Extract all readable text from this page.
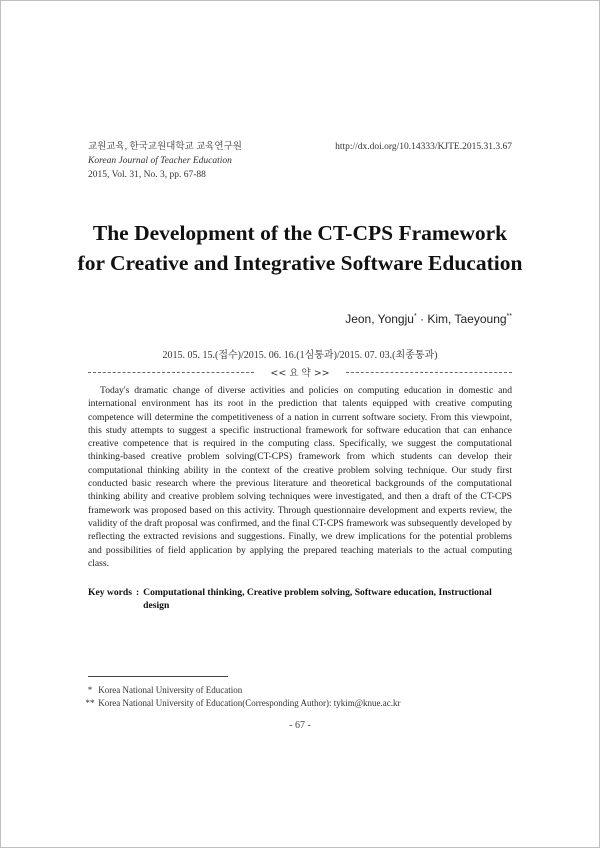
교원교육, 한국교원대학교 교육연구원
Korean Journal of Teacher Education
2015, Vol. 31, No. 3, pp. 67-88
http://dx.doi.org/10.14333/KJTE.2015.31.3.67
The Development of the CT-CPS Framework
for Creative and Integrative Software Education
Jeon, Yongju* · Kim, Taeyoung**
2015. 05. 15.(접수)/2015. 06. 16.(1심통과)/2015. 07. 03.(최종통과)
<< 요 약 >>

Today's dramatic change of diverse activities and policies on computing education in domestic and international environment has its root in the prediction that talents equipped with creative computing competence will determine the competitiveness of a nation in current software society. From this viewpoint, this study attempts to suggest a specific instructional framework for software education that can enhance creative competence that is required in the computing class. Specifically, we suggest the computational thinking-based creative problem solving(CT-CPS) framework from which students can develop their computational thinking ability in the context of the creative problem solving technique. Our study first conducted basic research where the previous literature and theoretical backgrounds of the computational thinking ability and creative problem solving techniques were investigated, and then a draft of the CT-CPS framework was proposed based on this activity. Through questionnaire development and experts review, the validity of the draft proposal was confirmed, and the final CT-CPS framework was subsequently developed by reflecting the extracted revisions and suggestions. Finally, we drew implications for the potential problems and possibilities of field application by applying the prepared teaching materials to the actual computing class.

Key words : Computational thinking, Creative problem solving, Software education, Instructional design
* Korea National University of Education
** Korea National University of Education(Corresponding Author): tykim@knue.ac.kr
- 67 -
